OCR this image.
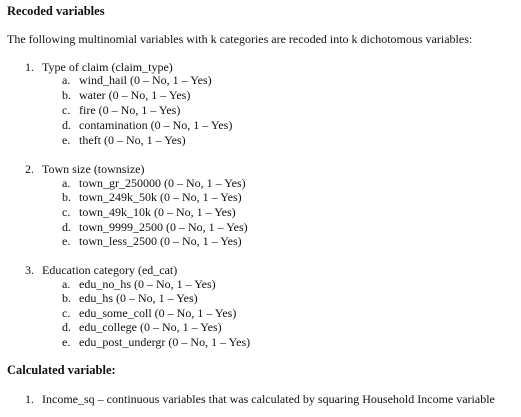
Recoded variables
The following multinomial variables with k categories are recoded into k dichotomous variables:
1. Type of claim (claim_type)
a. wind_hail (0 – No, 1 – Yes)
b. water (0 – No, 1 – Yes)
c. fire (0 – No, 1 – Yes)
d. contamination (0 – No, 1 – Yes)
e. theft (0 – No, 1 – Yes)
2. Town size (townsize)
a. town_gr_250000 (0 – No, 1 – Yes)
b. town_249k_50k (0 – No, 1 – Yes)
c. town_49k_10k (0 – No, 1 – Yes)
d. town_9999_2500 (0 – No, 1 – Yes)
e. town_less_2500 (0 – No, 1 – Yes)
3. Education category (ed_cat)
a. edu_no_hs (0 – No, 1 – Yes)
b. edu_hs (0 – No, 1 – Yes)
c. edu_some_coll (0 – No, 1 – Yes)
d. edu_college (0 – No, 1 – Yes)
e. edu_post_undergr (0 – No, 1 – Yes)
Calculated variable:
1. Income_sq – continuous variables that was calculated by squaring Household Income variable
